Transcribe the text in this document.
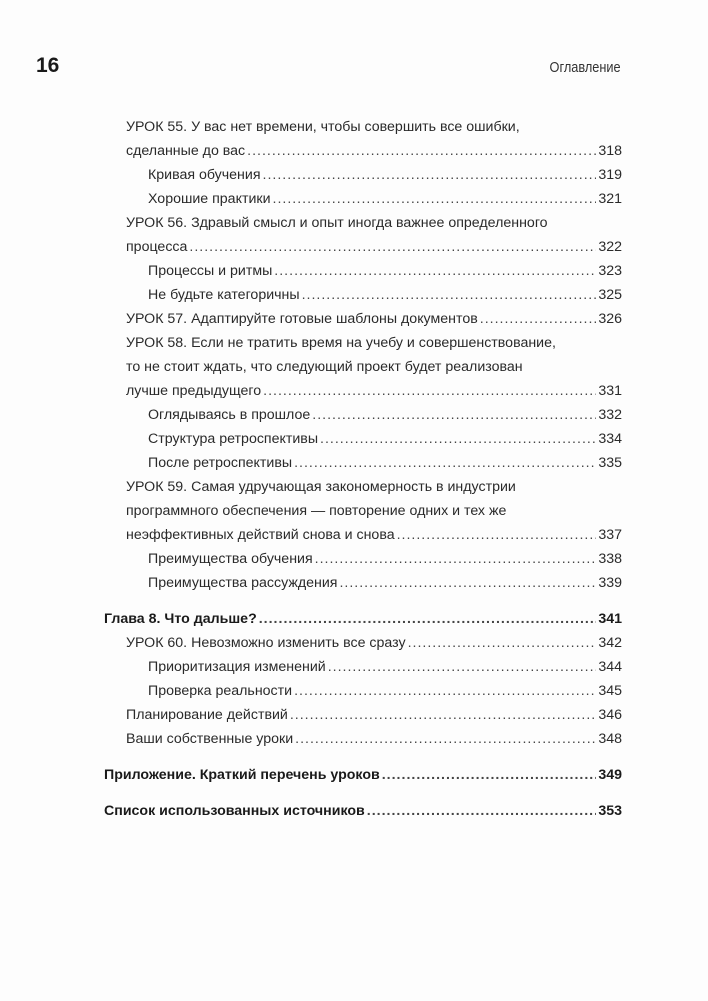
16	Оглавление
УРОК 55. У вас нет времени, чтобы совершить все ошибки,
сделанные до вас .....	318
Кривая обучения .....	319
Хорошие практики .....	321
УРОК 56. Здравый смысл и опыт иногда важнее определенного
процесса .....	322
Процессы и ритмы .....	323
Не будьте категоричны .....	325
УРОК 57. Адаптируйте готовые шаблоны документов .....	326
УРОК 58. Если не тратить время на учебу и совершенствование,
то не стоит ждать, что следующий проект будет реализован
лучше предыдущего .....	331
Оглядываясь в прошлое .....	332
Структура ретроспективы .....	334
После ретроспективы .....	335
УРОК 59. Самая удручающая закономерность в индустрии
программного обеспечения — повторение одних и тех же
неэффективных действий снова и снова .....	337
Преимущества обучения .....	338
Преимущества рассуждения .....	339
Глава 8. Что дальше? .....	341
УРОК 60. Невозможно изменить все сразу .....	342
Приоритизация изменений .....	344
Проверка реальности .....	345
Планирование действий .....	346
Ваши собственные уроки .....	348
Приложение. Краткий перечень уроков .....	349
Список использованных источников .....	353
